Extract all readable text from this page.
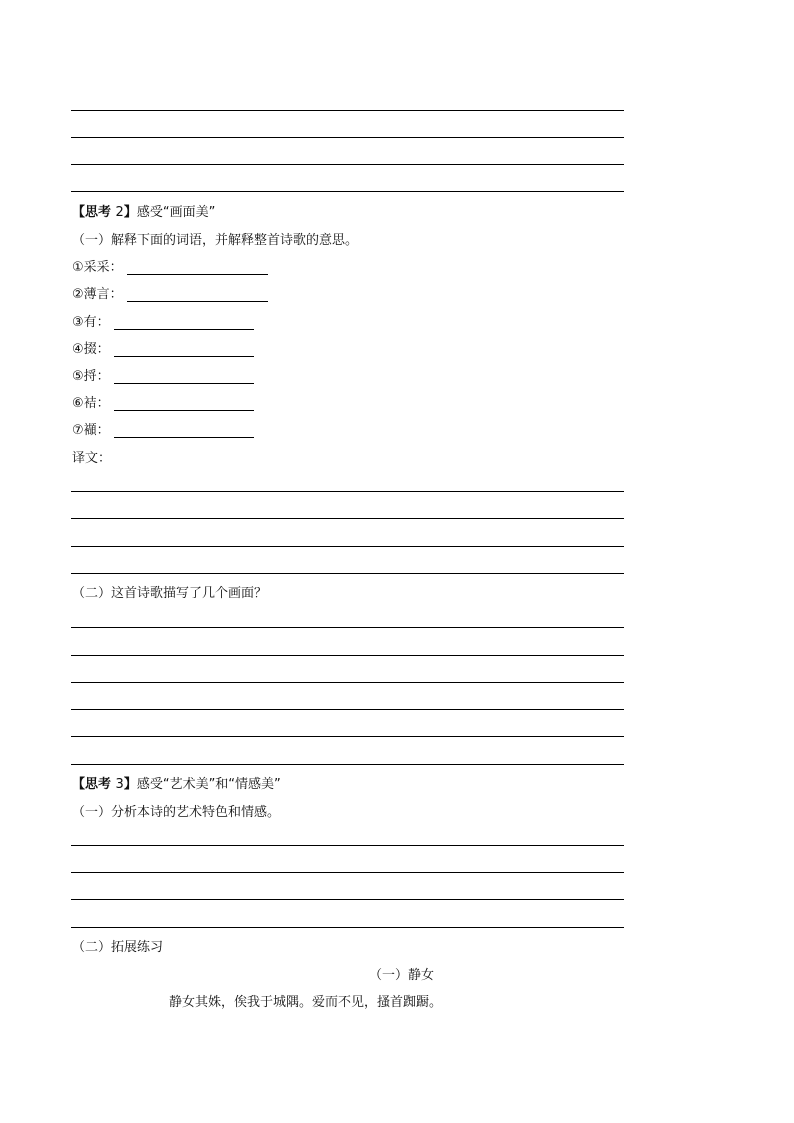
【思考 2】感受“画面美”
（一）解释下面的词语，并解释整首诗歌的意思。
①采采：
②薄言：
③有：
④掇：
⑤捋：
⑥袺：
⑦襭：
译文：
（二）这首诗歌描写了几个画面？
【思考 3】感受“艺术美”和“情感美”
（一）分析本诗的艺术特色和情感。
（二）拓展练习
（一）静女
静女其姝，俟我于城隅。爱而不见，搔首踟蹰。
